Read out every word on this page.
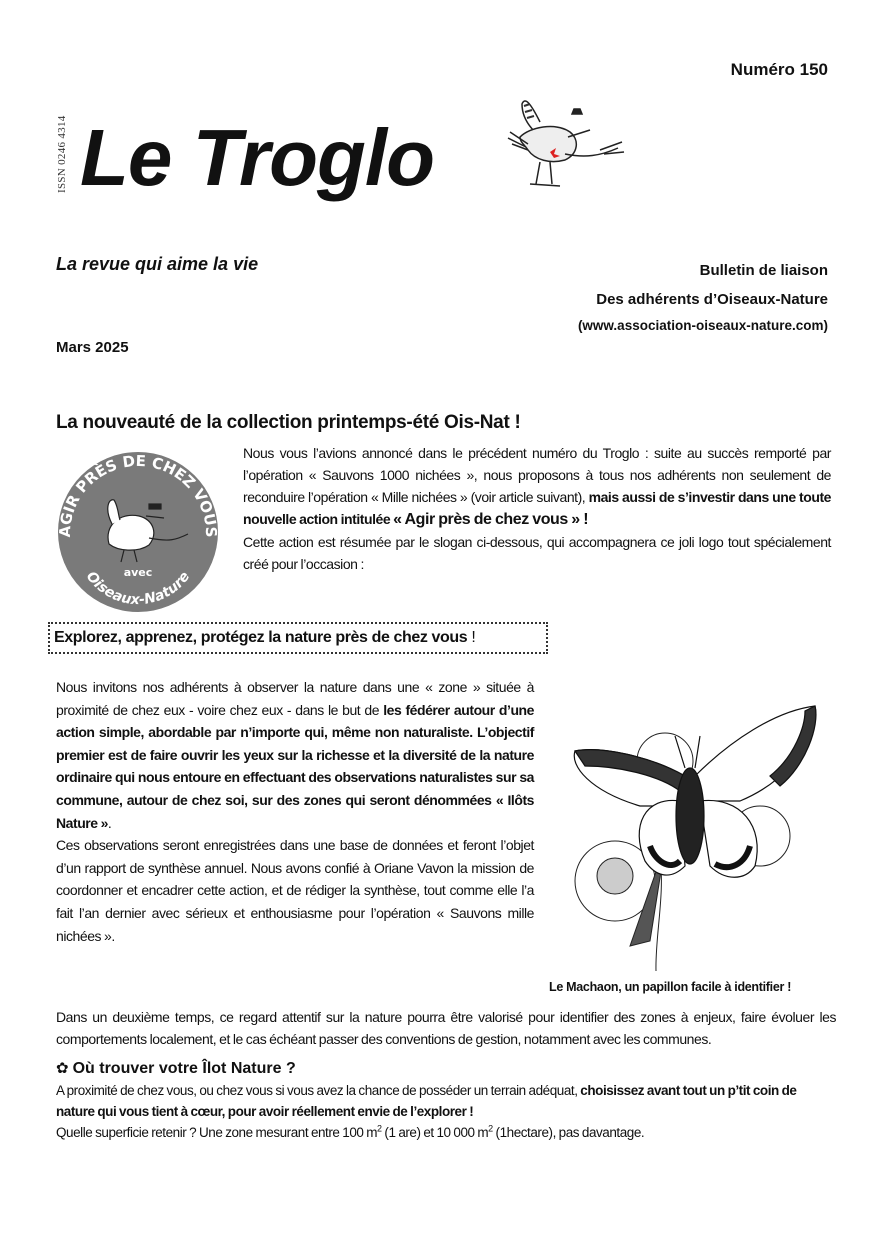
Numéro 150
ISSN 0246 4314 Le Troglo
La revue qui aime la vie	Bulletin de liaison
Des adhérents d’Oiseaux-Nature
(www.association-oiseaux-nature.com)
Mars 2025
La nouveauté de la collection printemps-été Ois-Nat !
AGIR PRÈS DE CHEZ VOUS
avec
Oiseaux-Nature
Nous vous l’avions annoncé dans le précédent numéro du Troglo : suite au succès remporté par l’opération « Sauvons 1000 nichées », nous proposons à tous nos adhérents non seulement de reconduire l’opération « Mille nichées » (voir article suivant), mais aussi de s’investir dans une toute nouvelle action intitulée « Agir près de chez vous » !
Cette action est résumée par le slogan ci-dessous, qui accompagnera ce joli logo tout spécialement créé pour l’occasion :
Explorez, apprenez, protégez la nature près de chez vous !
Nous invitons nos adhérents à observer la nature dans une « zone » située à proximité de chez eux - voire chez eux - dans le but de les fédérer autour d’une action simple, abordable par n’importe qui, même non naturaliste. L’objectif premier est de faire ouvrir les yeux sur la richesse et la diversité de la nature ordinaire qui nous entoure en effectuant des observations naturalistes sur sa commune, autour de chez soi, sur des zones qui seront dénommées « Ilôts Nature ».
Ces observations seront enregistrées dans une base de données et feront l’objet d’un rapport de synthèse annuel. Nous avons confié à Oriane Vavon la mission de coordonner et encadrer cette action, et de rédiger la synthèse, tout comme elle l’a fait l’an dernier avec sérieux et enthousiasme pour l’opération « Sauvons mille nichées ».
Le Machaon, un papillon facile à identifier !
Dans un deuxième temps, ce regard attentif sur la nature pourra être valorisé pour identifier des zones à enjeux, faire évoluer les comportements localement, et le cas échéant passer des conventions de gestion, notamment avec les communes.
✿ Où trouver votre Îlot Nature ?
A proximité de chez vous, ou chez vous si vous avez la chance de posséder un terrain adéquat, choisissez avant tout un p’tit coin de nature qui vous tient à cœur, pour avoir réellement envie de l’explorer !
Quelle superficie retenir ? Une zone mesurant entre 100 $m^2$ (1 are) et 10 000 $m^2$ (1hectare), pas davantage.
